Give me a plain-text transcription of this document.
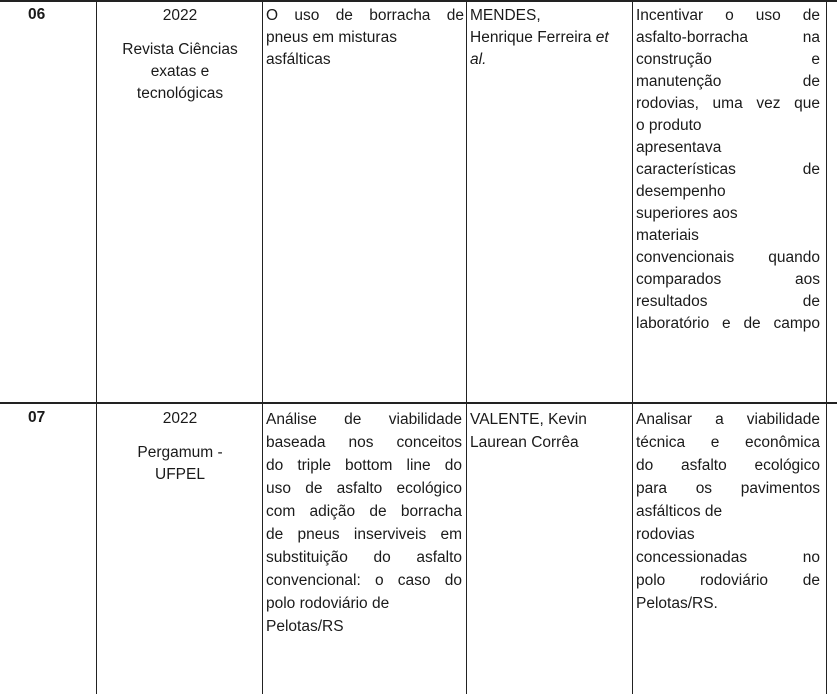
06	2022
Revista Ciências
exatas e
tecnológicas
O uso de borracha de
pneus em misturas
asfálticas
MENDES,
Henrique Ferreira et
al.
Incentivar o uso de
asfalto-borracha na
construção e
manutenção de
rodovias, uma vez que
o produto
apresentava
características de
desempenho
superiores aos
materiais
convencionais quando
comparados aos
resultados de
laboratório e de campo
07	2022
Pergamum -
UFPEL
Análise de viabilidade
baseada nos conceitos
do triple bottom line do
uso de asfalto ecológico
com adição de borracha
de pneus inserviveis em
substituição do asfalto
convencional: o caso do
polo rodoviário de
Pelotas/RS
VALENTE, Kevin
Laurean Corrêa
Analisar a viabilidade
técnica e econômica
do asfalto ecológico
para os pavimentos
asfálticos de
rodovias
concessionadas no
polo rodoviário de
Pelotas/RS.
